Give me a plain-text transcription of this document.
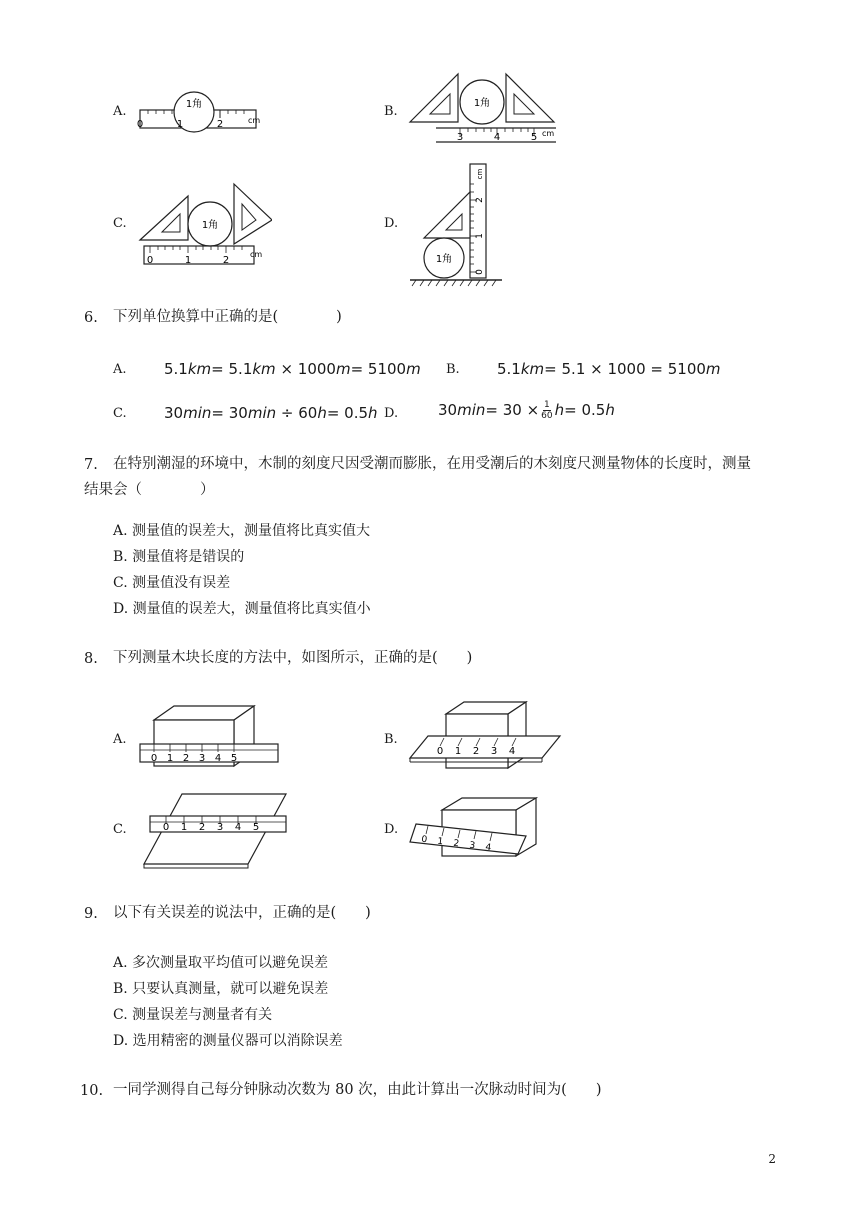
A.	1角
0	1	2	cm
B.
1角
3	4	5 cm
C.	1角
0	1	2
cm
D.
0
1
2
cm
1角
6. 下列单位换算中正确的是(　　　　)
A. 5.1km= 5.1km × 1000m= 5100m B. 5.1km= 5.1 × 1000 = 5100m
C. 30min= 30min ÷ 60h= 0.5h D.	$30\min= 30 \times \frac{1}{60} h= 0.5h$
7. 在特别潮湿的环境中，木制的刻度尺因受潮而膨胀，在用受潮后的木刻度尺测量物体的长度时，测量
结果会（　　　　）
A. 测量值的误差大，测量值将比真实值大
B. 测量值将是错误的
C. 测量值没有误差
D. 测量值的误差大，测量值将比真实值小
8. 下列测量木块长度的方法中，如图所示，正确的是(　　)
A.
0 1 2 3 4 5
B.
0 1 2 3 4
C.	0 1 2 3 4 5	D.
0 1 2 3 4
9. 以下有关误差的说法中，正确的是(　　)
A. 多次测量取平均值可以避免误差
B. 只要认真测量，就可以避免误差
C. 测量误差与测量者有关
D. 选用精密的测量仪器可以消除误差
10. 一同学测得自己每分钟脉动次数为 80 次，由此计算出一次脉动时间为(　　)
2
